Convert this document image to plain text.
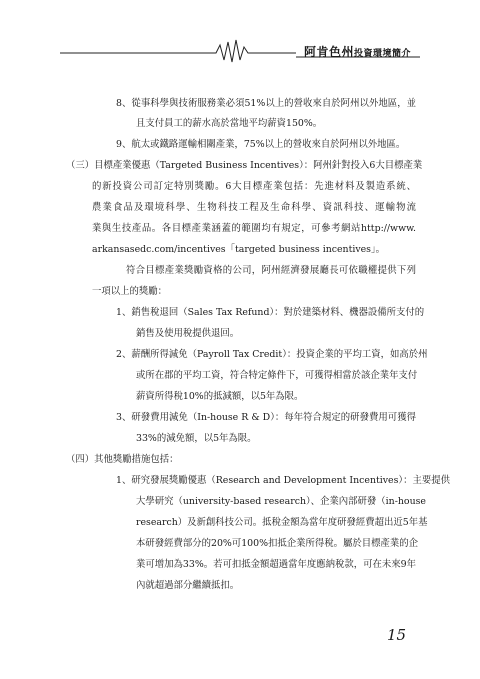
阿肯色州投資環境簡介
8、從事科學與技術服務業必須51%以上的營收來自於阿州以外地區，並
且支付員工的薪水高於當地平均薪資150%。
9、航太或鐵路運輸相關產業，75%以上的營收來自於阿州以外地區。
（三）目標產業優惠（Targeted Business Incentives）：阿州針對投入6大目標產業
的新投資公司訂定特別獎勵。6大目標產業包括：先進材料及製造系統、
農業食品及環境科學、生物科技工程及生命科學、資訊科技、運輸物流
業與生技產品。各目標產業涵蓋的範圍均有規定，可參考網站http://www.
arkansasedc.com/incentives「targeted business incentives」。
符合目標產業獎勵資格的公司，阿州經濟發展廳長可依職權提供下列
一項以上的獎勵：
1、銷售稅退回（Sales Tax Refund）：對於建築材料、機器設備所支付的
銷售及使用稅提供退回。
2、薪酬所得減免（Payroll Tax Credit）：投資企業的平均工資，如高於州
或所在郡的平均工資，符合特定條件下，可獲得相當於該企業年支付
薪資所得稅10%的抵減額，以5年為限。
3、研發費用減免（In-house R & D）：每年符合規定的研發費用可獲得
33%的減免額，以5年為限。
（四）其他獎勵措施包括：
1、研究發展獎勵優惠（Research and Development Incentives）：主要提供
大學研究（university-based research）、企業內部研發（in-house
research）及新創科技公司。抵稅金額為當年度研發經費超出近5年基
本研發經費部分的20%可100%扣抵企業所得稅。屬於目標產業的企
業可增加為33%。若可扣抵金額超過當年度應納稅款，可在未來9年
內就超過部分繼續抵扣。
15
